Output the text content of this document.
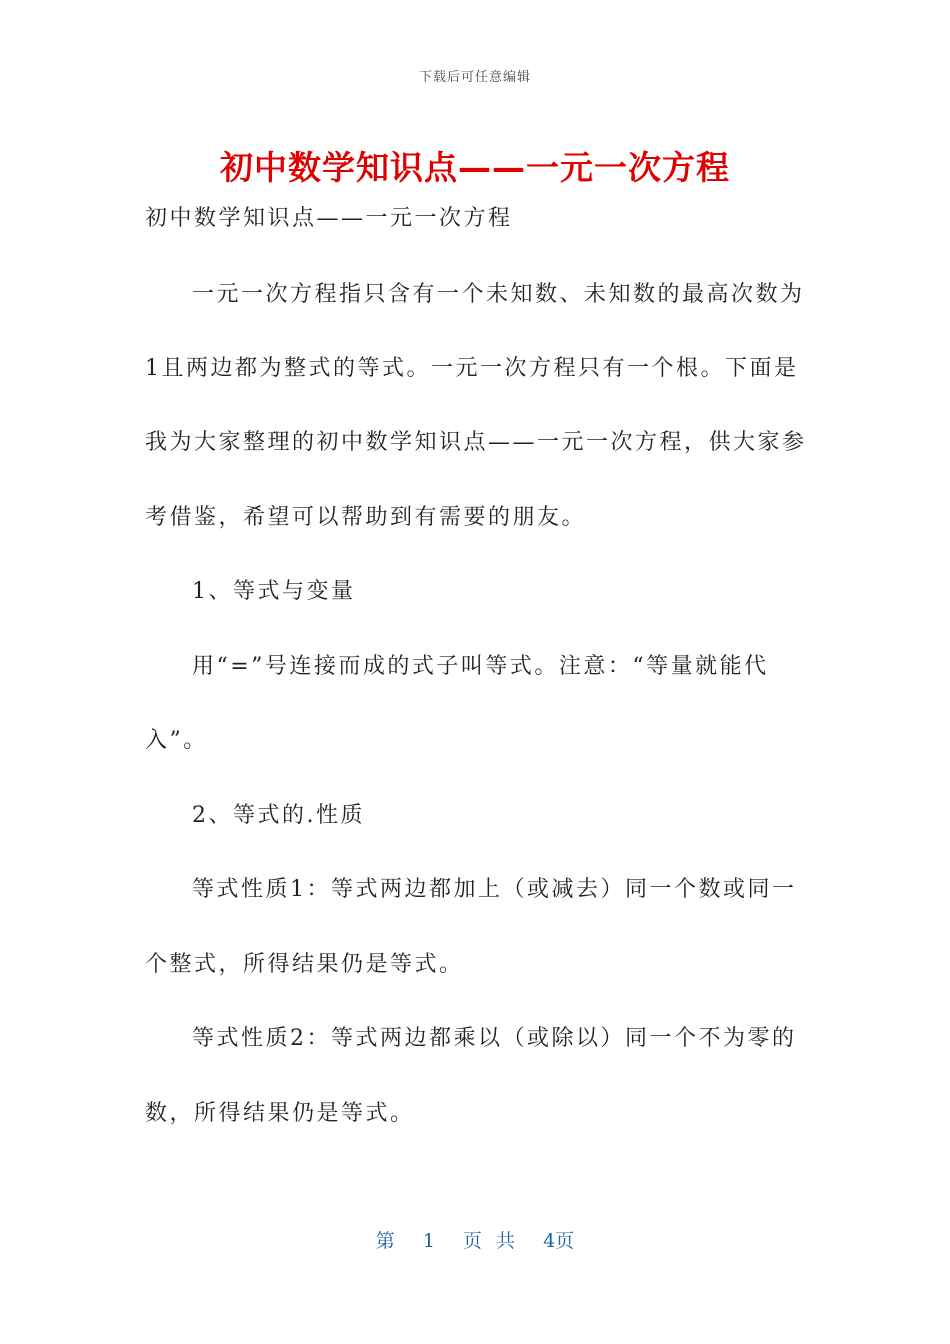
下载后可任意编辑
初中数学知识点——一元一次方程
初中数学知识点——一元一次方程
一元一次方程指只含有一个未知数、未知数的最高次数为
1且两边都为整式的等式。一元一次方程只有一个根。下面是
我为大家整理的初中数学知识点——一元一次方程，供大家参
考借鉴，希望可以帮助到有需要的朋友。
1、等式与变量
用“=”号连接而成的式子叫等式。注意：“等量就能代
入”。
2、等式的.性质
等式性质1：等式两边都加上（或减去）同一个数或同一
个整式，所得结果仍是等式。
等式性质2：等式两边都乘以（或除以）同一个不为零的
数，所得结果仍是等式。
第 1 页 共 4页
